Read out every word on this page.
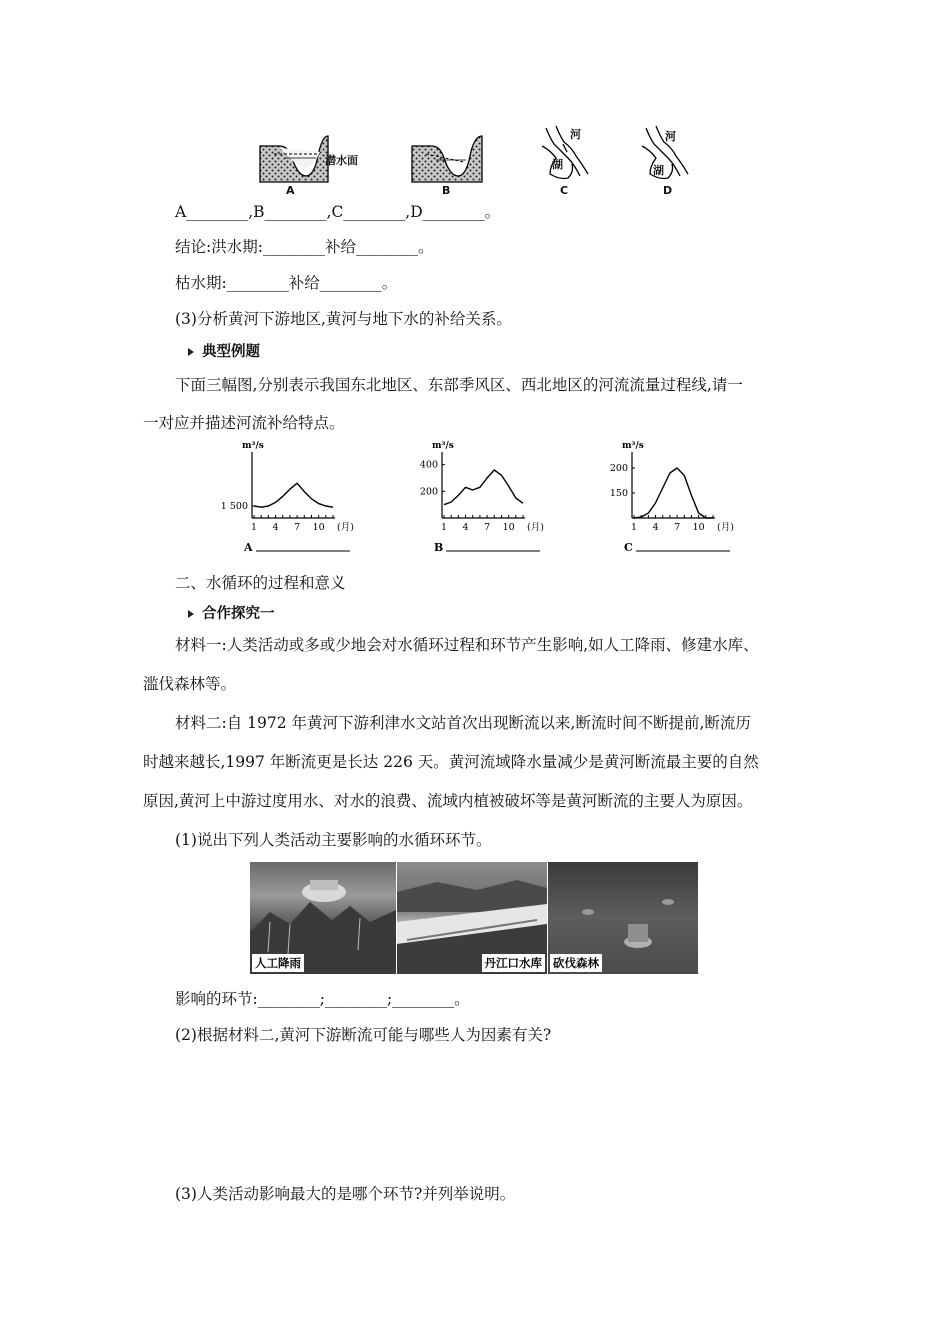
河
潜水面
A	B	C	D
河
湖	湖
A________,B________,C________,D________。
结论:洪水期:________补给________。
枯水期:________补给________。
(3)分析黄河下游地区,黄河与地下水的补给关系。
典型例题
下面三幅图,分别表示我国东北地区、东部季风区、西北地区的河流流量过程线,请一
一对应并描述河流补给特点。
m³/s
1 500
1 4 7 10 (月)
A
m³/s
400
200
1 4 7 10 (月)
B
m³/s
200
150
1 4 7 10 (月)
C
二、水循环的过程和意义
合作探究一
材料一:人类活动或多或少地会对水循环过程和环节产生影响,如人工降雨、修建水库、
滥伐森林等。
材料二:自 1972 年黄河下游利津水文站首次出现断流以来,断流时间不断提前,断流历
时越来越长,1997 年断流更是长达 226 天。黄河流域降水量减少是黄河断流最主要的自然
原因,黄河上中游过度用水、对水的浪费、流域内植被破坏等是黄河断流的主要人为原因。
(1)说出下列人类活动主要影响的水循环环节。
人工降雨	丹江口水库 砍伐森林
影响的环节:________;________;________。
(2)根据材料二,黄河下游断流可能与哪些人为因素有关?
(3)人类活动影响最大的是哪个环节?并列举说明。
